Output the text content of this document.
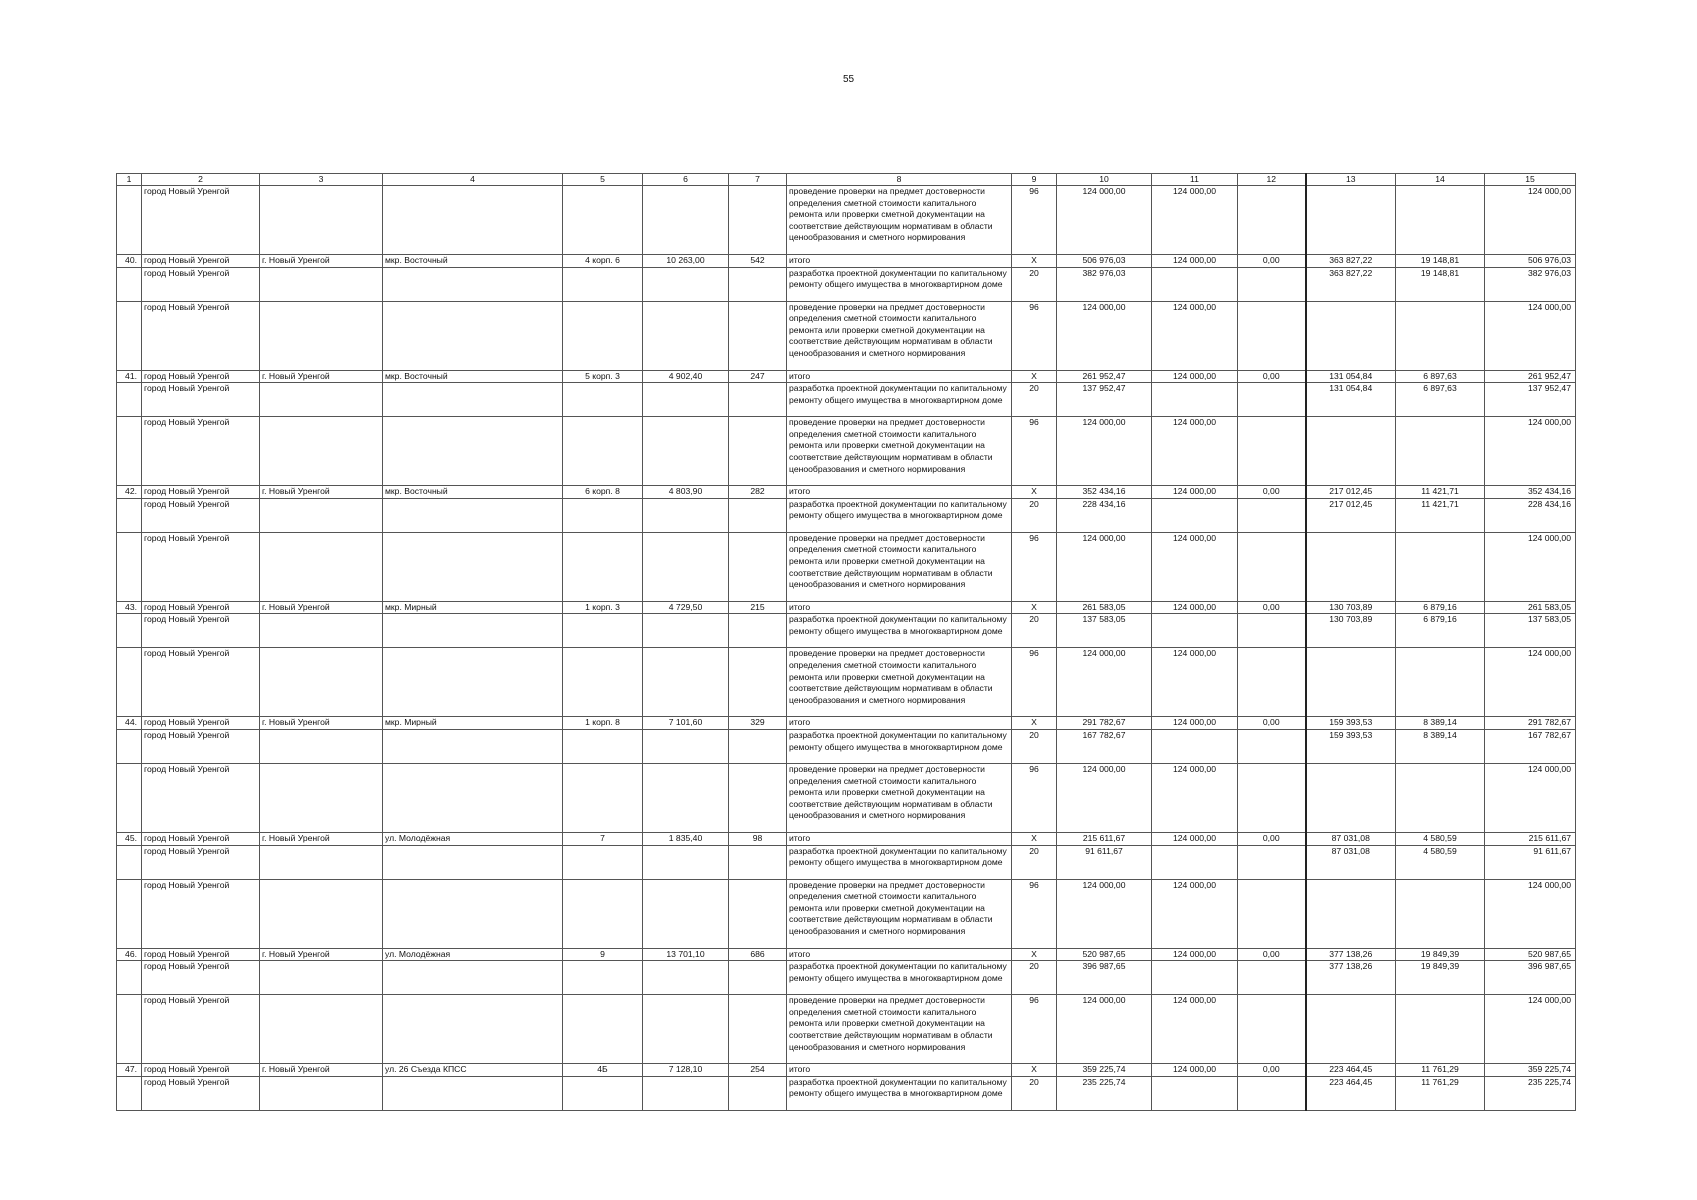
55
1	2	3	4	5	6	7	8	9	10	11	12	13	14	15
	город Новый Уренгой						проведение проверки на предмет достоверности определения сметной стоимости капитального ремонта или проверки сметной документации на соответствие действующим нормативам в области ценообразования и сметного нормирования	96	124 000,00	124 000,00				124 000,00
40.	город Новый Уренгой	г. Новый Уренгой	мкр. Восточный	4 корп. 6	10 263,00	542	итого	Х	506 976,03	124 000,00	0,00	363 827,22	19 148,81	506 976,03
	город Новый Уренгой						разработка проектной документации по капитальному ремонту общего имущества в многоквартирном доме	20	382 976,03			363 827,22	19 148,81	382 976,03
	город Новый Уренгой						проведение проверки на предмет достоверности определения сметной стоимости капитального ремонта или проверки сметной документации на соответствие действующим нормативам в области ценообразования и сметного нормирования	96	124 000,00	124 000,00				124 000,00
41.	город Новый Уренгой	г. Новый Уренгой	мкр. Восточный	5 корп. 3	4 902,40	247	итого	Х	261 952,47	124 000,00	0,00	131 054,84	6 897,63	261 952,47
	город Новый Уренгой						разработка проектной документации по капитальному ремонту общего имущества в многоквартирном доме	20	137 952,47			131 054,84	6 897,63	137 952,47
	город Новый Уренгой						проведение проверки на предмет достоверности определения сметной стоимости капитального ремонта или проверки сметной документации на соответствие действующим нормативам в области ценообразования и сметного нормирования	96	124 000,00	124 000,00				124 000,00
42.	город Новый Уренгой	г. Новый Уренгой	мкр. Восточный	6 корп. 8	4 803,90	282	итого	Х	352 434,16	124 000,00	0,00	217 012,45	11 421,71	352 434,16
	город Новый Уренгой						разработка проектной документации по капитальному ремонту общего имущества в многоквартирном доме	20	228 434,16			217 012,45	11 421,71	228 434,16
	город Новый Уренгой						проведение проверки на предмет достоверности определения сметной стоимости капитального ремонта или проверки сметной документации на соответствие действующим нормативам в области ценообразования и сметного нормирования	96	124 000,00	124 000,00				124 000,00
43.	город Новый Уренгой	г. Новый Уренгой	мкр. Мирный	1 корп. 3	4 729,50	215	итого	Х	261 583,05	124 000,00	0,00	130 703,89	6 879,16	261 583,05
	город Новый Уренгой						разработка проектной документации по капитальному ремонту общего имущества в многоквартирном доме	20	137 583,05			130 703,89	6 879,16	137 583,05
	город Новый Уренгой						проведение проверки на предмет достоверности определения сметной стоимости капитального ремонта или проверки сметной документации на соответствие действующим нормативам в области ценообразования и сметного нормирования	96	124 000,00	124 000,00				124 000,00
44.	город Новый Уренгой	г. Новый Уренгой	мкр. Мирный	1 корп. 8	7 101,60	329	итого	Х	291 782,67	124 000,00	0,00	159 393,53	8 389,14	291 782,67
	город Новый Уренгой						разработка проектной документации по капитальному ремонту общего имущества в многоквартирном доме	20	167 782,67			159 393,53	8 389,14	167 782,67
	город Новый Уренгой						проведение проверки на предмет достоверности определения сметной стоимости капитального ремонта или проверки сметной документации на соответствие действующим нормативам в области ценообразования и сметного нормирования	96	124 000,00	124 000,00				124 000,00
45.	город Новый Уренгой	г. Новый Уренгой	ул. Молодёжная	7	1 835,40	98	итого	Х	215 611,67	124 000,00	0,00	87 031,08	4 580,59	215 611,67
	город Новый Уренгой						разработка проектной документации по капитальному ремонту общего имущества в многоквартирном доме	20	91 611,67			87 031,08	4 580,59	91 611,67
	город Новый Уренгой						проведение проверки на предмет достоверности определения сметной стоимости капитального ремонта или проверки сметной документации на соответствие действующим нормативам в области ценообразования и сметного нормирования	96	124 000,00	124 000,00				124 000,00
46.	город Новый Уренгой	г. Новый Уренгой	ул. Молодёжная	9	13 701,10	686	итого	Х	520 987,65	124 000,00	0,00	377 138,26	19 849,39	520 987,65
	город Новый Уренгой						разработка проектной документации по капитальному ремонту общего имущества в многоквартирном доме	20	396 987,65			377 138,26	19 849,39	396 987,65
	город Новый Уренгой						проведение проверки на предмет достоверности определения сметной стоимости капитального ремонта или проверки сметной документации на соответствие действующим нормативам в области ценообразования и сметного нормирования	96	124 000,00	124 000,00				124 000,00
47.	город Новый Уренгой	г. Новый Уренгой	ул. 26 Съезда КПСС	4Б	7 128,10	254	итого	Х	359 225,74	124 000,00	0,00	223 464,45	11 761,29	359 225,74
	город Новый Уренгой						разработка проектной документации по капитальному ремонту общего имущества в многоквартирном доме	20	235 225,74			223 464,45	11 761,29	235 225,74
